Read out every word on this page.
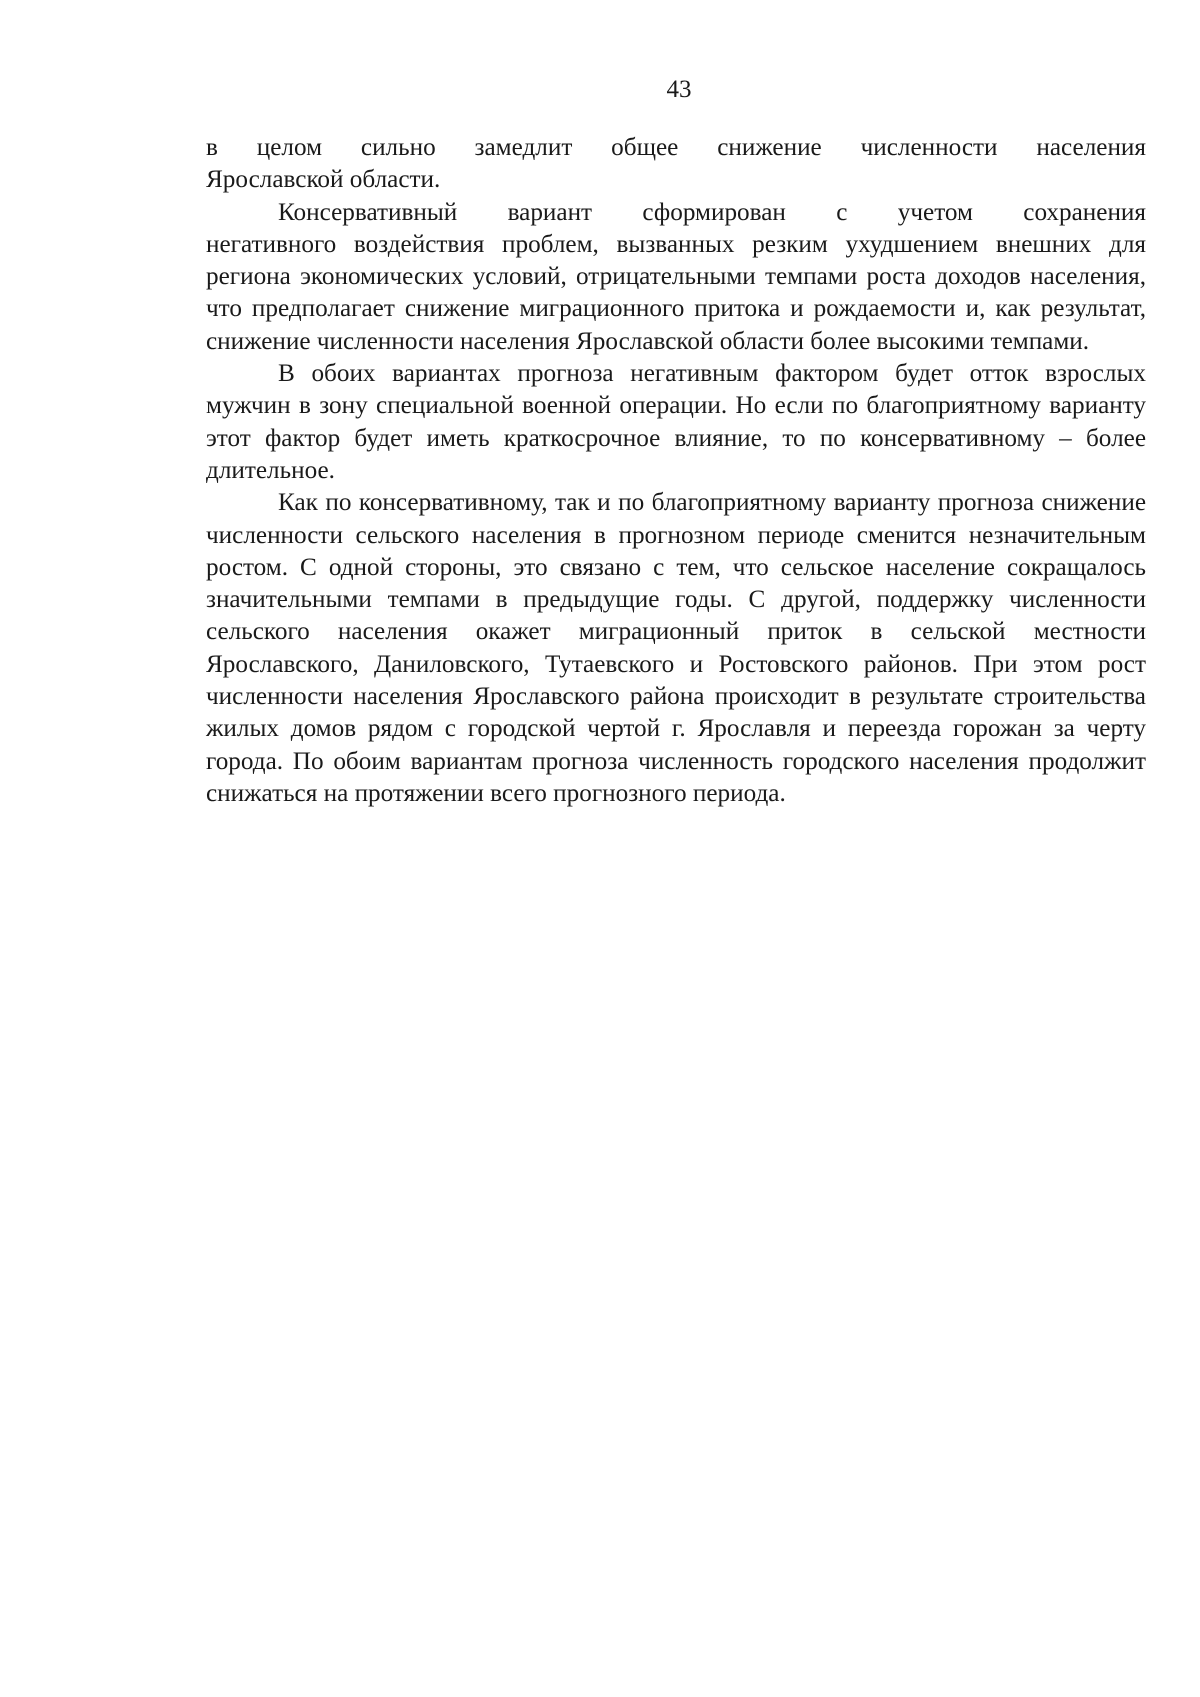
43

в целом сильно замедлит общее снижение численности населения
Ярославской области.

Консервативный вариант сформирован с учетом сохранения
негативного воздействия проблем, вызванных резким ухудшением внешних для региона экономических условий, отрицательными темпами роста доходов населения, что предполагает снижение миграционного притока и рождаемости и, как результат, снижение численности населения Ярославской области более высокими темпами.

В обоих вариантах прогноза негативным фактором будет отток взрослых мужчин в зону специальной военной операции. Но если по благоприятному варианту этот фактор будет иметь краткосрочное влияние, то по консервативному – более длительное.

Как по консервативному, так и по благоприятному варианту прогноза снижение численности сельского населения в прогнозном периоде сменится незначительным ростом. С одной стороны, это связано с тем, что сельское население сокращалось значительными темпами в предыдущие годы. С другой, поддержку численности сельского населения окажет миграционный приток в сельской местности Ярославского, Даниловского, Тутаевского и Ростовского районов. При этом рост численности населения Ярославского района происходит в результате строительства жилых домов рядом с городской чертой г. Ярославля и переезда горожан за черту города. По обоим вариантам прогноза численность городского населения продолжит снижаться на протяжении всего прогнозного периода.
